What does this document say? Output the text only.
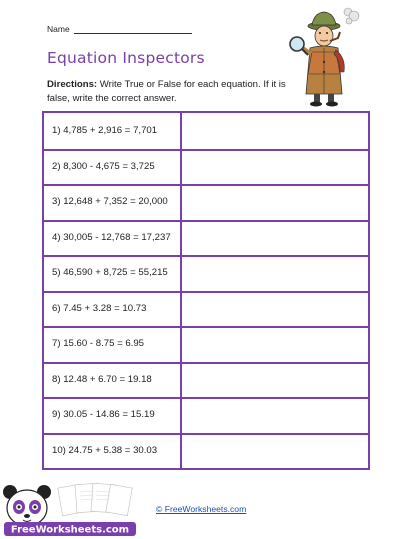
Name
Equation Inspectors
Directions: Write True or False for each equation. If it is false, write the correct answer.
1) 4,785 + 2,916 = 7,701
2) 8,300 - 4,675 = 3,725
3) 12,648 + 7,352 = 20,000
4) 30,005 - 12,768 = 17,237
5) 46,590 + 8,725 = 55,215
6) 7.45 + 3.28 = 10.73
7) 15.60 - 8.75 = 6.95
8) 12.48 + 6.70 = 19.18
9) 30.05 - 14.86 = 15.19
10) 24.75 + 5.38 = 30.03
© FreeWorksheets.com
FreeWorksheets.com
